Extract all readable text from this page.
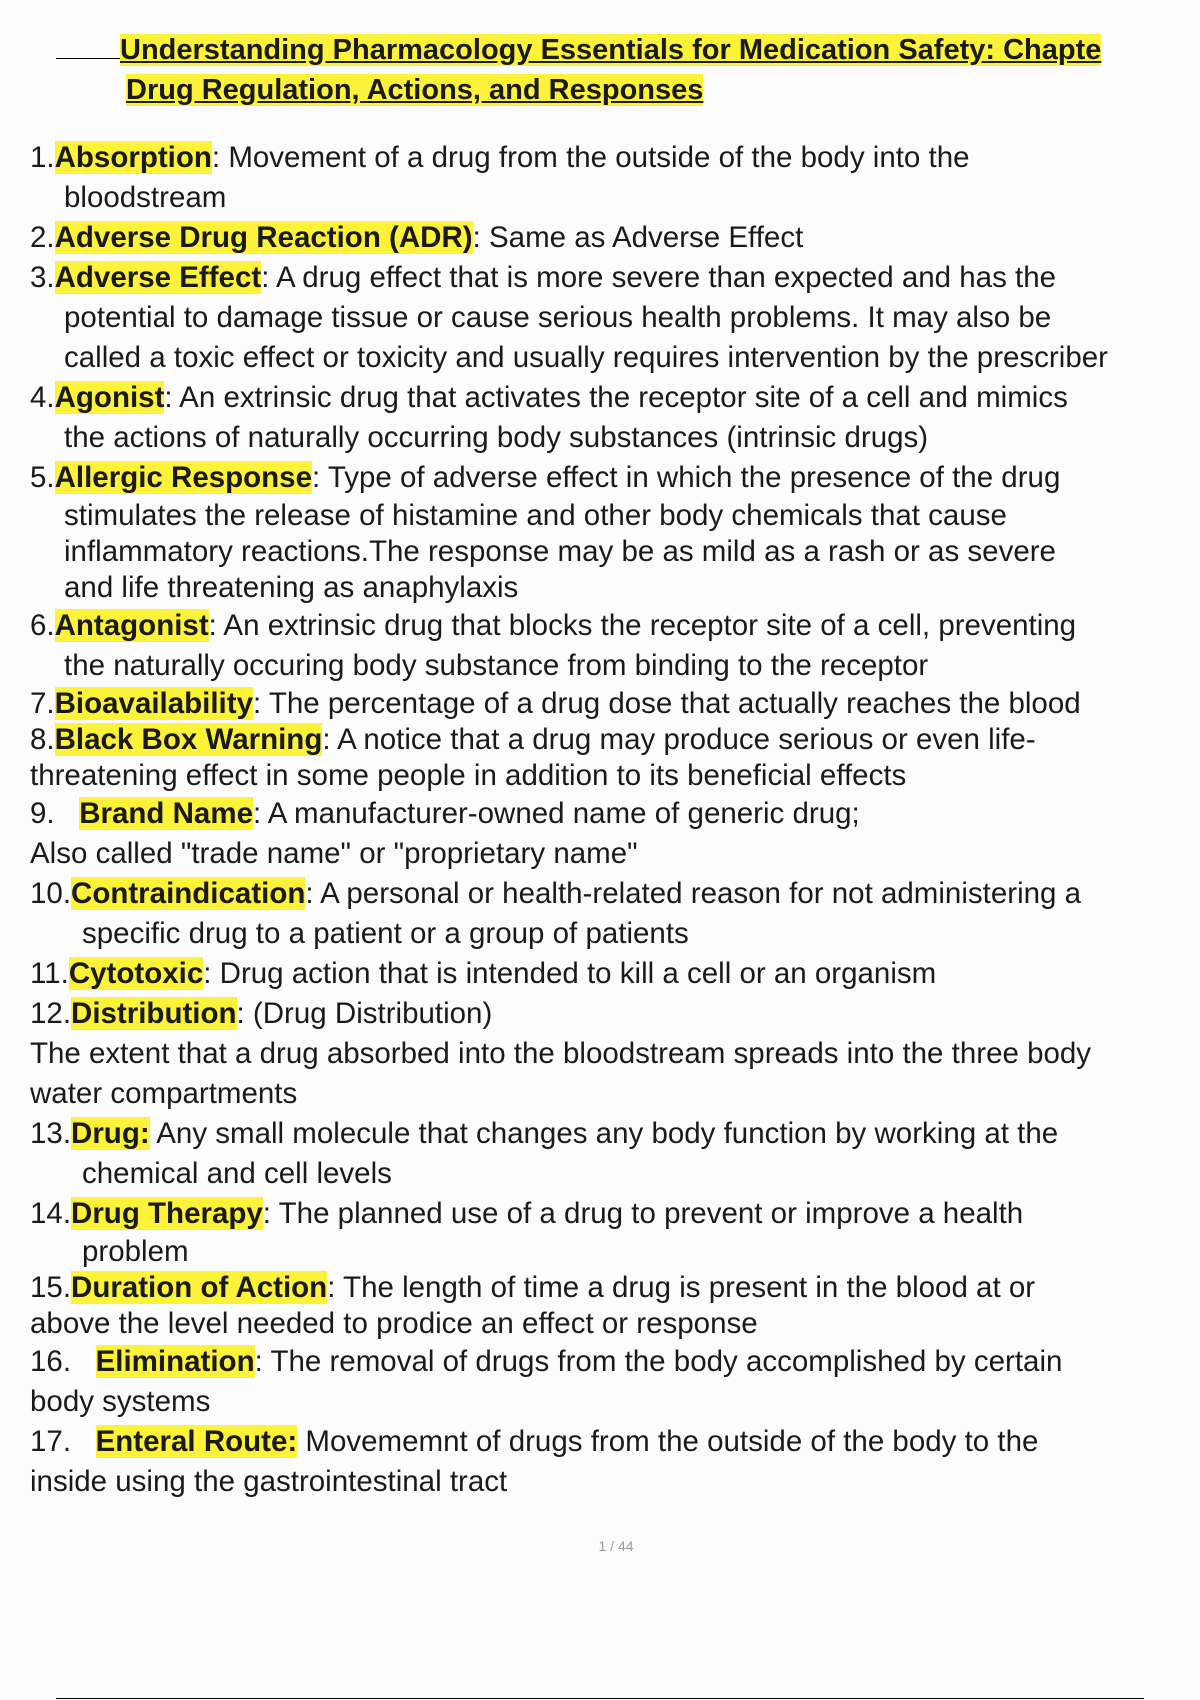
Understanding Pharmacology Essentials for Medication Safety: Chapte
Drug Regulation, Actions, and Responses
1.Absorption: Movement of a drug from the outside of the body into the
bloodstream
2.Adverse Drug Reaction (ADR): Same as Adverse Effect
3.Adverse Effect: A drug effect that is more severe than expected and has the
potential to damage tissue or cause serious health problems. It may also be
called a toxic effect or toxicity and usually requires intervention by the prescriber
4.Agonist: An extrinsic drug that activates the receptor site of a cell and mimics
the actions of naturally occurring body substances (intrinsic drugs)
5.Allergic Response: Type of adverse effect in which the presence of the drug
stimulates the release of histamine and other body chemicals that cause
inflammatory reactions.The response may be as mild as a rash or as severe
and life threatening as anaphylaxis
6.Antagonist: An extrinsic drug that blocks the receptor site of a cell, preventing
the naturally occuring body substance from binding to the receptor
7.Bioavailability: The percentage of a drug dose that actually reaches the blood
8.Black Box Warning: A notice that a drug may produce serious or even life-
threatening effect in some people in addition to its beneficial effects
9.   Brand Name: A manufacturer-owned name of generic drug;
Also called "trade name" or "proprietary name"
10.Contraindication: A personal or health-related reason for not administering a
specific drug to a patient or a group of patients
11.Cytotoxic: Drug action that is intended to kill a cell or an organism
12.Distribution: (Drug Distribution)
The extent that a drug absorbed into the bloodstream spreads into the three body
water compartments
13.Drug: Any small molecule that changes any body function by working at the
chemical and cell levels
14.Drug Therapy: The planned use of a drug to prevent or improve a health
problem
15.Duration of Action: The length of time a drug is present in the blood at or
above the level needed to prodice an effect or response
16.   Elimination: The removal of drugs from the body accomplished by certain
body systems
17.   Enteral Route: Movememnt of drugs from the outside of the body to the
inside using the gastrointestinal tract
1 / 44
